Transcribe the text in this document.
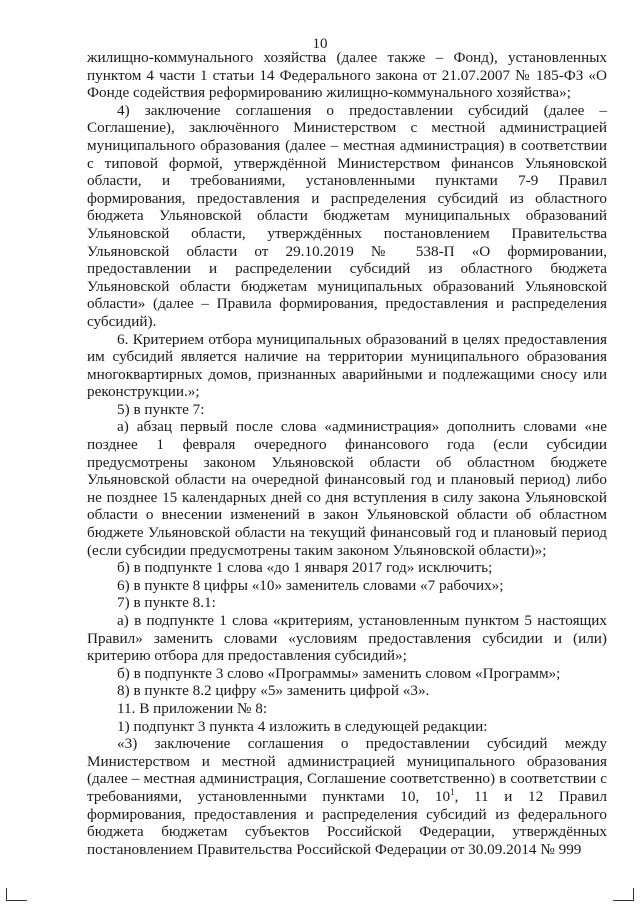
10

жилищно-коммунального хозяйства (далее также – Фонд), установленных пунктом 4 части 1 статьи 14 Федерального закона от 21.07.2007 № 185-ФЗ «О Фонде содействия реформированию жилищно-коммунального хозяйства»;

4) заключение соглашения о предоставлении субсидий (далее – Соглашение), заключённого Министерством с местной администрацией муниципального образования (далее – местная администрация) в соответствии с типовой формой, утверждённой Министерством финансов Ульяновской области, и требованиями, установленными пунктами 7-9 Правил формирования, предоставления и распределения субсидий из областного бюджета Ульяновской области бюджетам муниципальных образований Ульяновской области, утверждённых постановлением Правительства Ульяновской области от 29.10.2019 № 538-П «О формировании, предоставлении и распределении субсидий из областного бюджета Ульяновской области бюджетам муниципальных образований Ульяновской области» (далее – Правила формирования, предоставления и распределения субсидий).

6. Критерием отбора муниципальных образований в целях предоставления им субсидий является наличие на территории муниципального образования многоквартирных домов, признанных аварийными и подлежащими сносу или реконструкции.»;

5) в пункте 7:

а) абзац первый после слова «администрация» дополнить словами «не позднее 1 февраля очередного финансового года (если субсидии предусмотрены законом Ульяновской области об областном бюджете Ульяновской области на очередной финансовый год и плановый период) либо не позднее 15 календарных дней со дня вступления в силу закона Ульяновской области о внесении изменений в закон Ульяновской области об областном бюджете Ульяновской области на текущий финансовый год и плановый период (если субсидии предусмотрены таким законом Ульяновской области)»;

б) в подпункте 1 слова «до 1 января 2017 год» исключить;

6) в пункте 8 цифры «10» заменитель словами «7 рабочих»;

7) в пункте 8.1:

а) в подпункте 1 слова «критериям, установленным пунктом 5 настоящих Правил» заменить словами «условиям предоставления субсидии и (или) критерию отбора для предоставления субсидий»;

б) в подпункте 3 слово «Программы» заменить словом «Программ»;

8) в пункте 8.2 цифру «5» заменить цифрой «3».

11. В приложении № 8:

1) подпункт 3 пункта 4 изложить в следующей редакции:

«3) заключение соглашения о предоставлении субсидий между Министерством и местной администрацией муниципального образования (далее – местная администрация, Соглашение соответственно) в соответствии с требованиями, установленными пунктами 10, $10^1$, 11 и 12 Правил формирования, предоставления и распределения субсидий из федерального бюджета бюджетам субъектов Российской Федерации, утверждённых постановлением Правительства Российской Федерации от 30.09.2014 № 999
